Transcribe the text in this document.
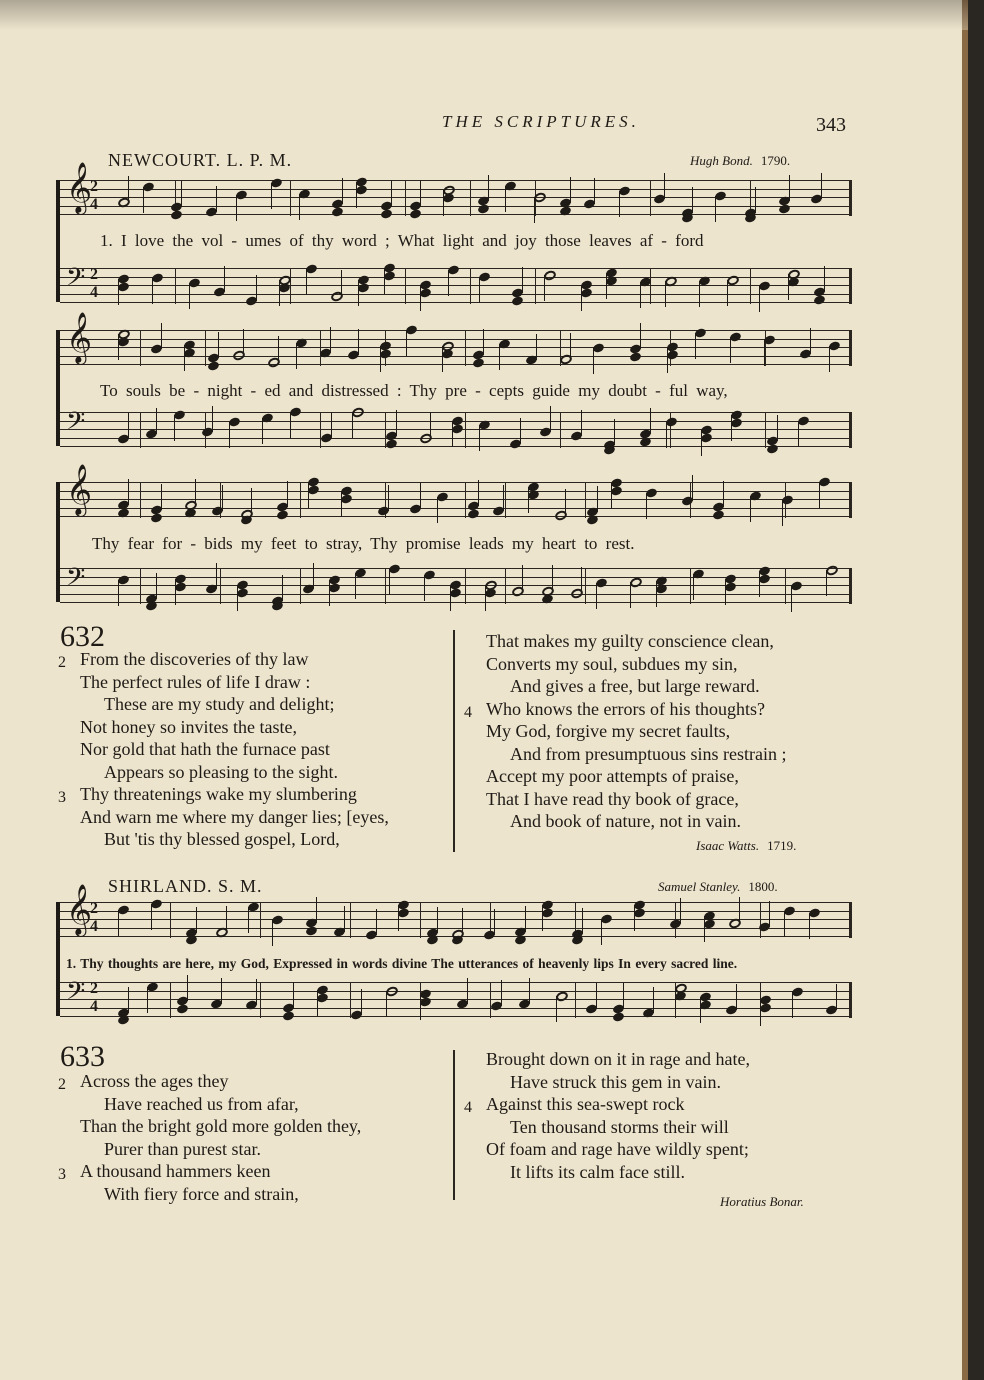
THE SCRIPTURES.	343
NEWCOURT. L. P. M.	Hugh Bond. 1790.
𝄞
2
4
𝄢 2
4
𝄞
𝄢
𝄞
𝄢
1. I love the vol - umes of thy word ; What light and joy those leaves af - ford
To souls be - night - ed and distressed : Thy pre - cepts guide my doubt - ful way,
Thy fear for - bids my feet to stray, Thy promise leads my heart to rest.
632
2 From the discoveries of thy law
The perfect rules of life I draw :
These are my study and delight;
Not honey so invites the taste,
Nor gold that hath the furnace past
Appears so pleasing to the sight.
3 Thy threatenings wake my slumbering
And warn me where my danger lies; [eyes,
But 'tis thy blessed gospel, Lord,
That makes my guilty conscience clean,
Converts my soul, subdues my sin,
And gives a free, but large reward.
4 Who knows the errors of his thoughts?
My God, forgive my secret faults,
And from presumptuous sins restrain ;
Accept my poor attempts of praise,
That I have read thy book of grace,
And book of nature, not in vain.
Isaac Watts. 1719.
SHIRLAND. S. M.	Samuel Stanley. 1800.
𝄞
2
4
𝄢 2
4
1. Thy thoughts are here, my God, Expressed in words divine The utterances of heavenly lips In every sacred line.
633
2 Across the ages they
Have reached us from afar,
Than the bright gold more golden they,
Purer than purest star.
3 A thousand hammers keen
With fiery force and strain,
Brought down on it in rage and hate,
Have struck this gem in vain.
4 Against this sea-swept rock
Ten thousand storms their will
Of foam and rage have wildly spent;
It lifts its calm face still.
Horatius Bonar.
